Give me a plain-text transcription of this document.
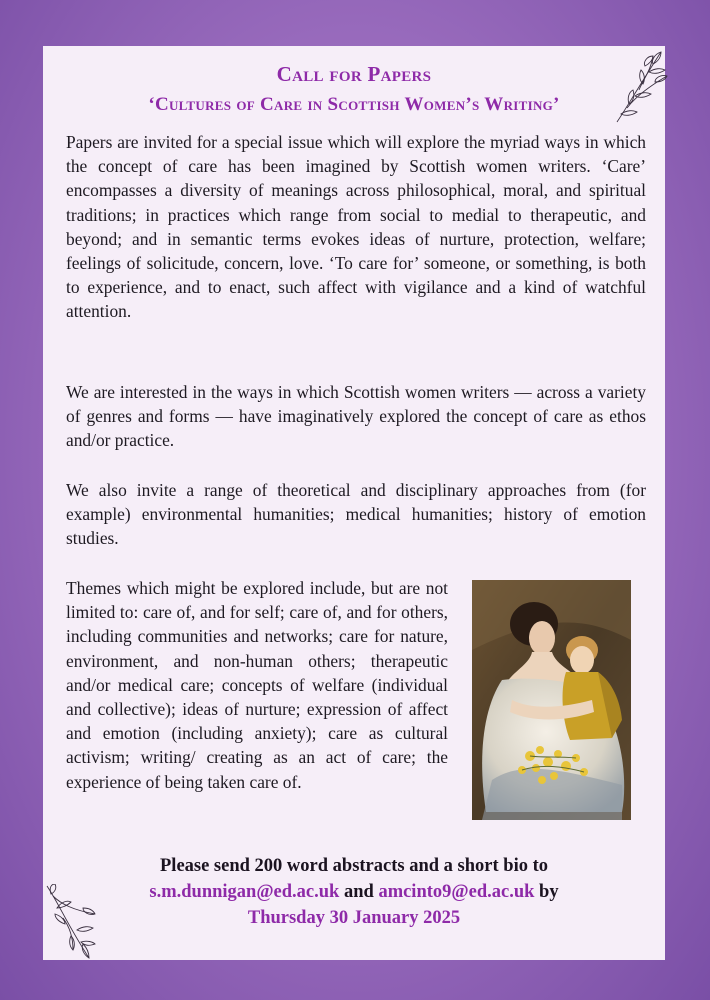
Call for Papers
‘Cultures of Care in Scottish Women’s Writing’

Papers are invited for a special issue which will explore the myriad ways in which the concept of care has been imagined by Scottish women writers. ‘Care’ encompasses a diversity of meanings across philosophical, moral, and spiritual traditions; in practices which range from social to medial to therapeutic, and beyond; and in semantic terms evokes ideas of nurture, protection, welfare; feelings of solicitude, concern, love. ‘To care for’ someone, or something, is both to experience, and to enact, such affect with vigilance and a kind of watchful attention.

We are interested in the ways in which Scottish women writers — across a variety of genres and forms — have imaginatively explored the concept of care as ethos and/or practice.

We also invite a range of theoretical and disciplinary approaches from (for example) environmental humanities; medical humanities; history of emotion studies.

Themes which might be explored include, but are not limited to: care of, and for self; care of, and for others, including communities and networks; care for nature, environment, and non-human others; therapeutic and/or medical care; concepts of welfare (individual and collective); ideas of nurture; expression of affect and emotion (including anxiety); care as cultural activism; writing/ creating as an act of care; the experience of being taken care of.

Please send 200 word abstracts and a short bio to
s.m.dunnigan@ed.ac.uk and amcinto9@ed.ac.uk by
Thursday 30 January 2025
